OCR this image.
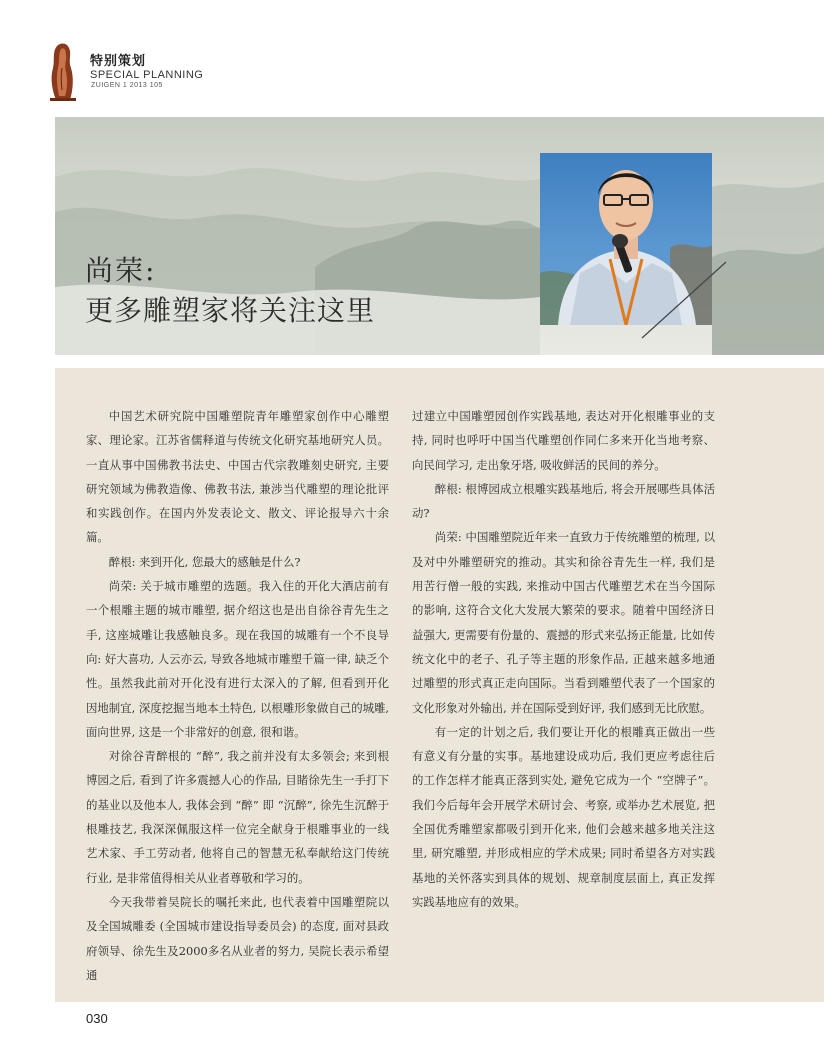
特别策划
SPECIAL PLANNING
ZUIGEN 1 2013 105
尚荣:
更多雕塑家将关注这里

中国艺术研究院中国雕塑院青年雕塑家创作中心雕塑家、理论家。江苏省儒释道与传统文化研究基地研究人员。一直从事中国佛教书法史、中国古代宗教雕刻史研究, 主要研究领域为佛教造像、佛教书法, 兼涉当代雕塑的理论批评和实践创作。在国内外发表论文、散文、评论报导六十余篇。

醉根: 来到开化, 您最大的感触是什么?

尚荣: 关于城市雕塑的选题。我入住的开化大酒店前有一个根雕主题的城市雕塑, 据介绍这也是出自徐谷青先生之手, 这座城雕让我感触良多。现在我国的城雕有一个不良导向: 好大喜功, 人云亦云, 导致各地城市雕塑千篇一律, 缺乏个性。虽然我此前对开化没有进行太深入的了解, 但看到开化因地制宜, 深度挖掘当地本土特色, 以根雕形象做自己的城雕, 面向世界, 这是一个非常好的创意, 很和谐。

对徐谷青醉根的 “醉”, 我之前并没有太多领会; 来到根博园之后, 看到了许多震撼人心的作品, 目睹徐先生一手打下的基业以及他本人, 我体会到 “醉” 即 “沉醉”, 徐先生沉醉于根雕技艺, 我深深佩服这样一位完全献身于根雕事业的一线艺术家、手工劳动者, 他将自己的智慧无私奉献给这门传统行业, 是非常值得相关从业者尊敬和学习的。

今天我带着吴院长的嘱托来此, 也代表着中国雕塑院以及全国城雕委 (全国城市建设指导委员会) 的态度, 面对县政府领导、徐先生及2000多名从业者的努力, 吴院长表示希望通

过建立中国雕塑园创作实践基地, 表达对开化根雕事业的支持, 同时也呼吁中国当代雕塑创作同仁多来开化当地考察、向民间学习, 走出象牙塔, 吸收鲜活的民间的养分。

醉根: 根博园成立根雕实践基地后, 将会开展哪些具体活动?

尚荣: 中国雕塑院近年来一直致力于传统雕塑的梳理, 以及对中外雕塑研究的推动。其实和徐谷青先生一样, 我们是用苦行僧一般的实践, 来推动中国古代雕塑艺术在当今国际的影响, 这符合文化大发展大繁荣的要求。随着中国经济日益强大, 更需要有份量的、震撼的形式来弘扬正能量, 比如传统文化中的老子、孔子等主题的形象作品, 正越来越多地通过雕塑的形式真正走向国际。当看到雕塑代表了一个国家的文化形象对外输出, 并在国际受到好评, 我们感到无比欣慰。

有一定的计划之后, 我们要让开化的根雕真正做出一些有意义有分量的实事。基地建设成功后, 我们更应考虑往后的工作怎样才能真正落到实处, 避免它成为一个 “空牌子”。我们今后每年会开展学术研讨会、考察, 或举办艺术展览, 把全国优秀雕塑家都吸引到开化来, 他们会越来越多地关注这里, 研究雕塑, 并形成相应的学术成果; 同时希望各方对实践基地的关怀落实到具体的规划、规章制度层面上, 真正发挥实践基地应有的效果。

030
